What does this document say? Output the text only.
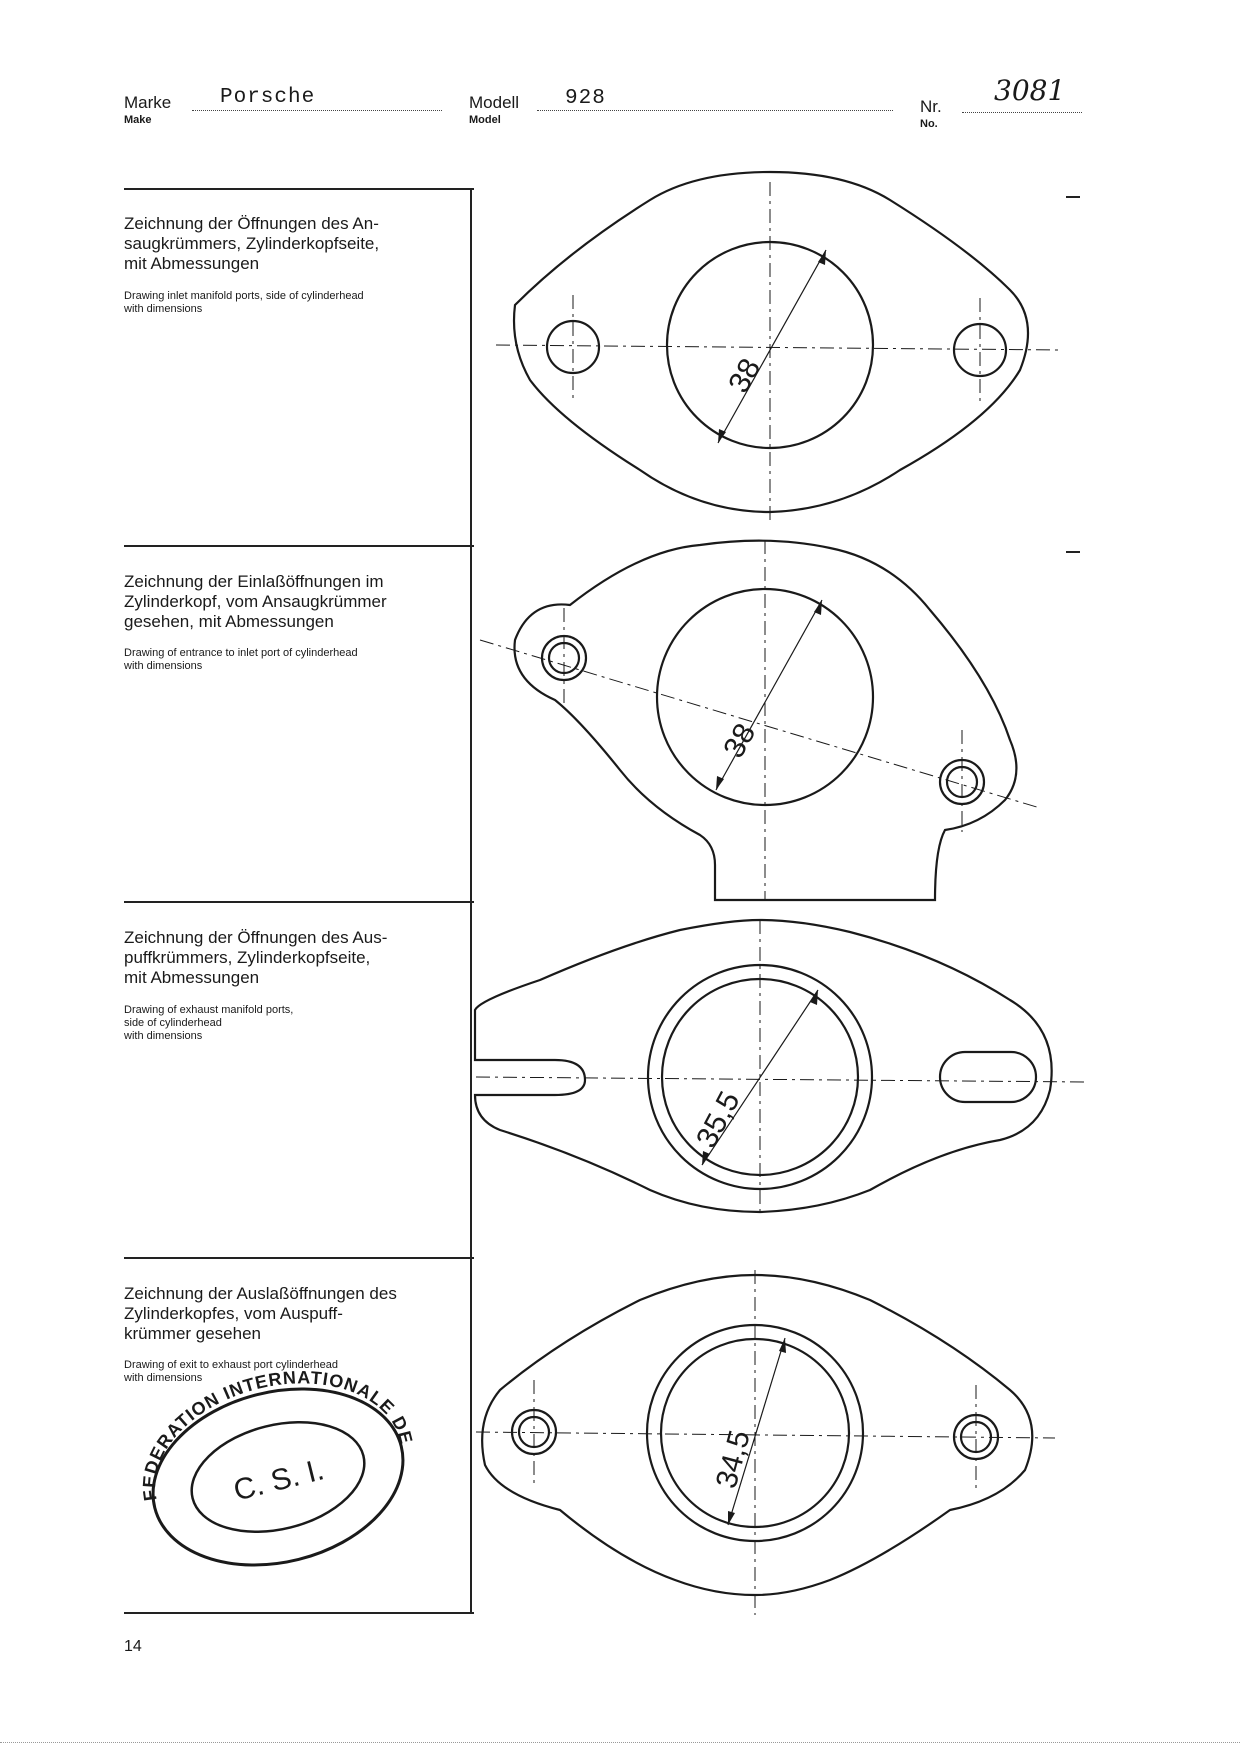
Marke
Make
Porsche	Modell
Model
928	Nr.
No.
3081
Zeichnung der Öffnungen des An-
saugkrümmers, Zylinderkopfseite,
mit Abmessungen
Drawing inlet manifold ports, side of cylinderhead
with dimensions
Zeichnung der Einlaßöffnungen im
Zylinderkopf, vom Ansaugkrümmer
gesehen, mit Abmessungen
Drawing of entrance to inlet port of cylinderhead
with dimensions
Zeichnung der Öffnungen des Aus-
puffkrümmers, Zylinderkopfseite,
mit Abmessungen
Drawing of exhaust manifold ports,
side of cylinderhead
with dimensions
Zeichnung der Auslaßöffnungen des
Zylinderkopfes, vom Auspuff-
krümmer gesehen
Drawing of exit to exhaust port cylinderhead
with dimensions
38
38
35,5
34,5
FEDERATION INTERNATIONALE DE
C. S. I.
14
